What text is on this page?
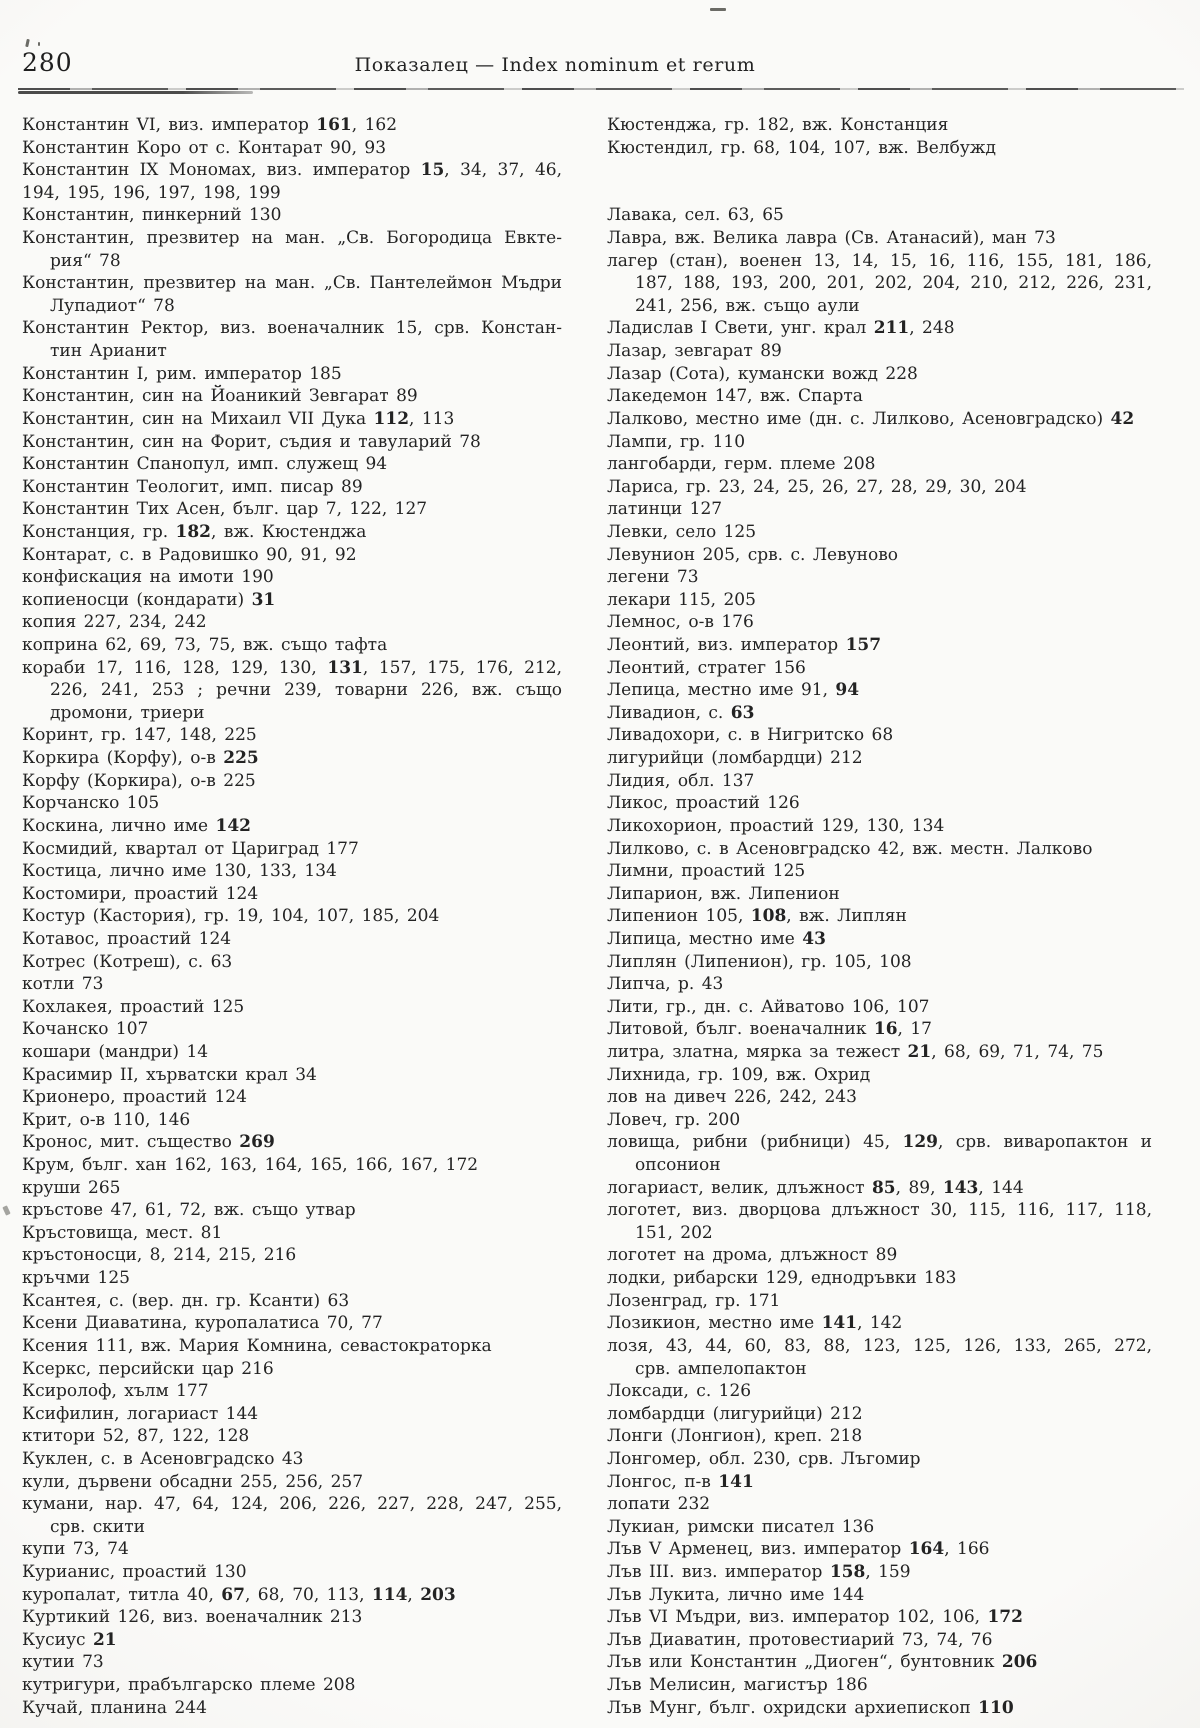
280	Показалец — Index nominum et rerum
Константин VI, виз. император 161, 162
Константин Коро от с. Контарат 90, 93
Константин IX Мономах, виз. император 15, 34, 37, 46,
194, 195, 196, 197, 198, 199
Константин, пинкерний 130
Константин, презвитер на ман. „Св. Богородица Евкте-
рия“ 78
Константин, презвитер на ман. „Св. Пантелеймон Мъдри
Лупадиот“ 78
Константин Ректор, виз. военачалник 15, срв. Констан-
тин Арианит
Константин I, рим. император 185
Константин, син на Йоаникий Зевгарат 89
Константин, син на Михаил VII Дука 112, 113
Константин, син на Форит, съдия и тавуларий 78
Константин Спанопул, имп. служещ 94
Константин Теологит, имп. писар 89
Константин Тих Асен, бълг. цар 7, 122, 127
Констанция, гр. 182, вж. Кюстенджа
Контарат, с. в Радовишко 90, 91, 92
конфискация на имоти 190
копиеносци (кондарати) 31
копия 227, 234, 242
коприна 62, 69, 73, 75, вж. също тафта
кораби 17, 116, 128, 129, 130, 131, 157, 175, 176, 212,
226, 241, 253 ; речни 239, товарни 226, вж. също
дромони, триери
Коринт, гр. 147, 148, 225
Коркира (Корфу), о-в 225
Корфу (Коркира), о-в 225
Корчанско 105
Коскина, лично име 142
Космидий, квартал от Цариград 177
Костица, лично име 130, 133, 134
Костомири, проастий 124
Костур (Кастория), гр. 19, 104, 107, 185, 204
Котавос, проастий 124
Котрес (Котреш), с. 63
котли 73
Кохлакея, проастий 125
Кочанско 107
кошари (мандри) 14
Красимир II, хърватски крал 34
Крионеро, проастий 124
Крит, о-в 110, 146
Кронос, мит. същество 269
Крум, бълг. хан 162, 163, 164, 165, 166, 167, 172
круши 265
кръстове 47, 61, 72, вж. също утвар
Кръстовища, мест. 81
кръстоносци, 8, 214, 215, 216
кръчми 125
Ксантея, с. (вер. дн. гр. Ксанти) 63
Ксени Диаватина, куропалатиса 70, 77
Ксения 111, вж. Мария Комнина, севастократорка
Ксеркс, персийски цар 216
Ксиролоф, хълм 177
Ксифилин, логариаст 144
ктитори 52, 87, 122, 128
Куклен, с. в Асеновградско 43
кули, дървени обсадни 255, 256, 257
кумани, нар. 47, 64, 124, 206, 226, 227, 228, 247, 255,
срв. скити
купи 73, 74
Курианис, проастий 130
куропалат, титла 40, 67, 68, 70, 113, 114, 203
Куртикий 126, виз. военачалник 213
Кусиус 21
кутии 73
кутригури, прабългарско племе 208
Кучай, планина 244
Кюстенджа, гр. 182, вж. Констанция
Кюстендил, гр. 68, 104, 107, вж. Велбужд

Лавака, сел. 63, 65
Лавра, вж. Велика лавра (Св. Атанасий), ман 73
лагер (стан), военен 13, 14, 15, 16, 116, 155, 181, 186,
187, 188, 193, 200, 201, 202, 204, 210, 212, 226, 231,
241, 256, вж. също аули
Ладислав I Свети, унг. крал 211, 248
Лазар, зевгарат 89
Лазар (Сота), кумански вожд 228
Лакедемон 147, вж. Спарта
Лалково, местно име (дн. с. Лилково, Асеновградско) 42
Лампи, гр. 110
лангобарди, герм. племе 208
Лариса, гр. 23, 24, 25, 26, 27, 28, 29, 30, 204
латинци 127
Левки, село 125
Левунион 205, срв. с. Левуново
легени 73
лекари 115, 205
Лемнос, о-в 176
Леонтий, виз. император 157
Леонтий, стратег 156
Лепица, местно име 91, 94
Ливадион, с. 63
Ливадохори, с. в Нигритско 68
лигурийци (ломбардци) 212
Лидия, обл. 137
Ликос, проастий 126
Ликохорион, проастий 129, 130, 134
Лилково, с. в Асеновградско 42, вж. местн. Лалково
Лимни, проастий 125
Липарион, вж. Липенион
Липенион 105, 108, вж. Липлян
Липица, местно име 43
Липлян (Липенион), гр. 105, 108
Липча, р. 43
Лити, гр., дн. с. Айватово 106, 107
Литовой, бълг. военачалник 16, 17
литра, златна, мярка за тежест 21, 68, 69, 71, 74, 75
Лихнида, гр. 109, вж. Охрид
лов на дивеч 226, 242, 243
Ловеч, гр. 200
ловища, рибни (рибници) 45, 129, срв. виваропактон и
опсонион
логариаст, велик, длъжност 85, 89, 143, 144
логотет, виз. дворцова длъжност 30, 115, 116, 117, 118,
151, 202
логотет на дрома, длъжност 89
лодки, рибарски 129, еднодръвки 183
Лозенград, гр. 171
Лозикион, местно име 141, 142
лозя, 43, 44, 60, 83, 88, 123, 125, 126, 133, 265, 272,
срв. ампелопактон
Локсади, с. 126
ломбардци (лигурийци) 212
Лонги (Лонгион), креп. 218
Лонгомер, обл. 230, срв. Лъгомир
Лонгос, п-в 141
лопати 232
Лукиан, римски писател 136
Лъв V Арменец, виз. император 164, 166
Лъв III. виз. император 158, 159
Лъв Лукита, лично име 144
Лъв VI Мъдри, виз. император 102, 106, 172
Лъв Диаватин, протовестиарий 73, 74, 76
Лъв или Константин „Диоген“, бунтовник 206
Лъв Мелисин, магистър 186
Лъв Мунг, бълг. охридски архиепископ 110
